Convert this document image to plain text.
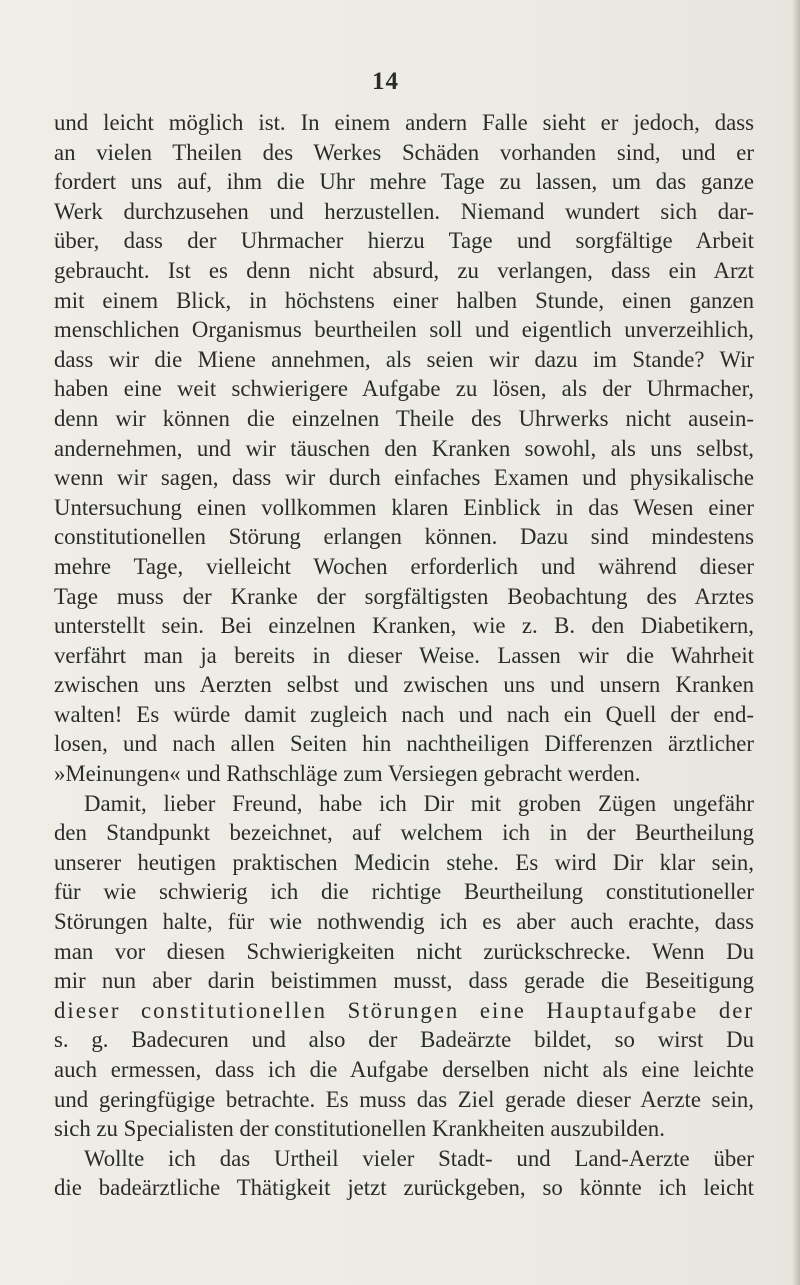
14
und leicht möglich ist. In einem andern Falle sieht er jedoch, dass
an vielen Theilen des Werkes Schäden vorhanden sind, und er
fordert uns auf, ihm die Uhr mehre Tage zu lassen, um das ganze
Werk durchzusehen und herzustellen. Niemand wundert sich dar-
über, dass der Uhrmacher hierzu Tage und sorgfältige Arbeit
gebraucht. Ist es denn nicht absurd, zu verlangen, dass ein Arzt
mit einem Blick, in höchstens einer halben Stunde, einen ganzen
menschlichen Organismus beurtheilen soll und eigentlich unverzeihlich,
dass wir die Miene annehmen, als seien wir dazu im Stande? Wir
haben eine weit schwierigere Aufgabe zu lösen, als der Uhrmacher,
denn wir können die einzelnen Theile des Uhrwerks nicht ausein-
andernehmen, und wir täuschen den Kranken sowohl, als uns selbst,
wenn wir sagen, dass wir durch einfaches Examen und physikalische
Untersuchung einen vollkommen klaren Einblick in das Wesen einer
constitutionellen Störung erlangen können. Dazu sind mindestens
mehre Tage, vielleicht Wochen erforderlich und während dieser
Tage muss der Kranke der sorgfältigsten Beobachtung des Arztes
unterstellt sein. Bei einzelnen Kranken, wie z. B. den Diabetikern,
verfährt man ja bereits in dieser Weise. Lassen wir die Wahrheit
zwischen uns Aerzten selbst und zwischen uns und unsern Kranken
walten! Es würde damit zugleich nach und nach ein Quell der end-
losen, und nach allen Seiten hin nachtheiligen Differenzen ärztlicher
»Meinungen« und Rathschläge zum Versiegen gebracht werden.
Damit, lieber Freund, habe ich Dir mit groben Zügen ungefähr
den Standpunkt bezeichnet, auf welchem ich in der Beurtheilung
unserer heutigen praktischen Medicin stehe. Es wird Dir klar sein,
für wie schwierig ich die richtige Beurtheilung constitutioneller
Störungen halte, für wie nothwendig ich es aber auch erachte, dass
man vor diesen Schwierigkeiten nicht zurückschrecke. Wenn Du
mir nun aber darin beistimmen musst, dass gerade die Beseitigung
dieser constitutionellen Störungen eine Hauptaufgabe der
s. g. Badecuren und also der Badeärzte bildet, so wirst Du
auch ermessen, dass ich die Aufgabe derselben nicht als eine leichte
und geringfügige betrachte. Es muss das Ziel gerade dieser Aerzte sein,
sich zu Specialisten der constitutionellen Krankheiten auszubilden.
Wollte ich das Urtheil vieler Stadt- und Land-Aerzte über
die badeärztliche Thätigkeit jetzt zurückgeben, so könnte ich leicht
